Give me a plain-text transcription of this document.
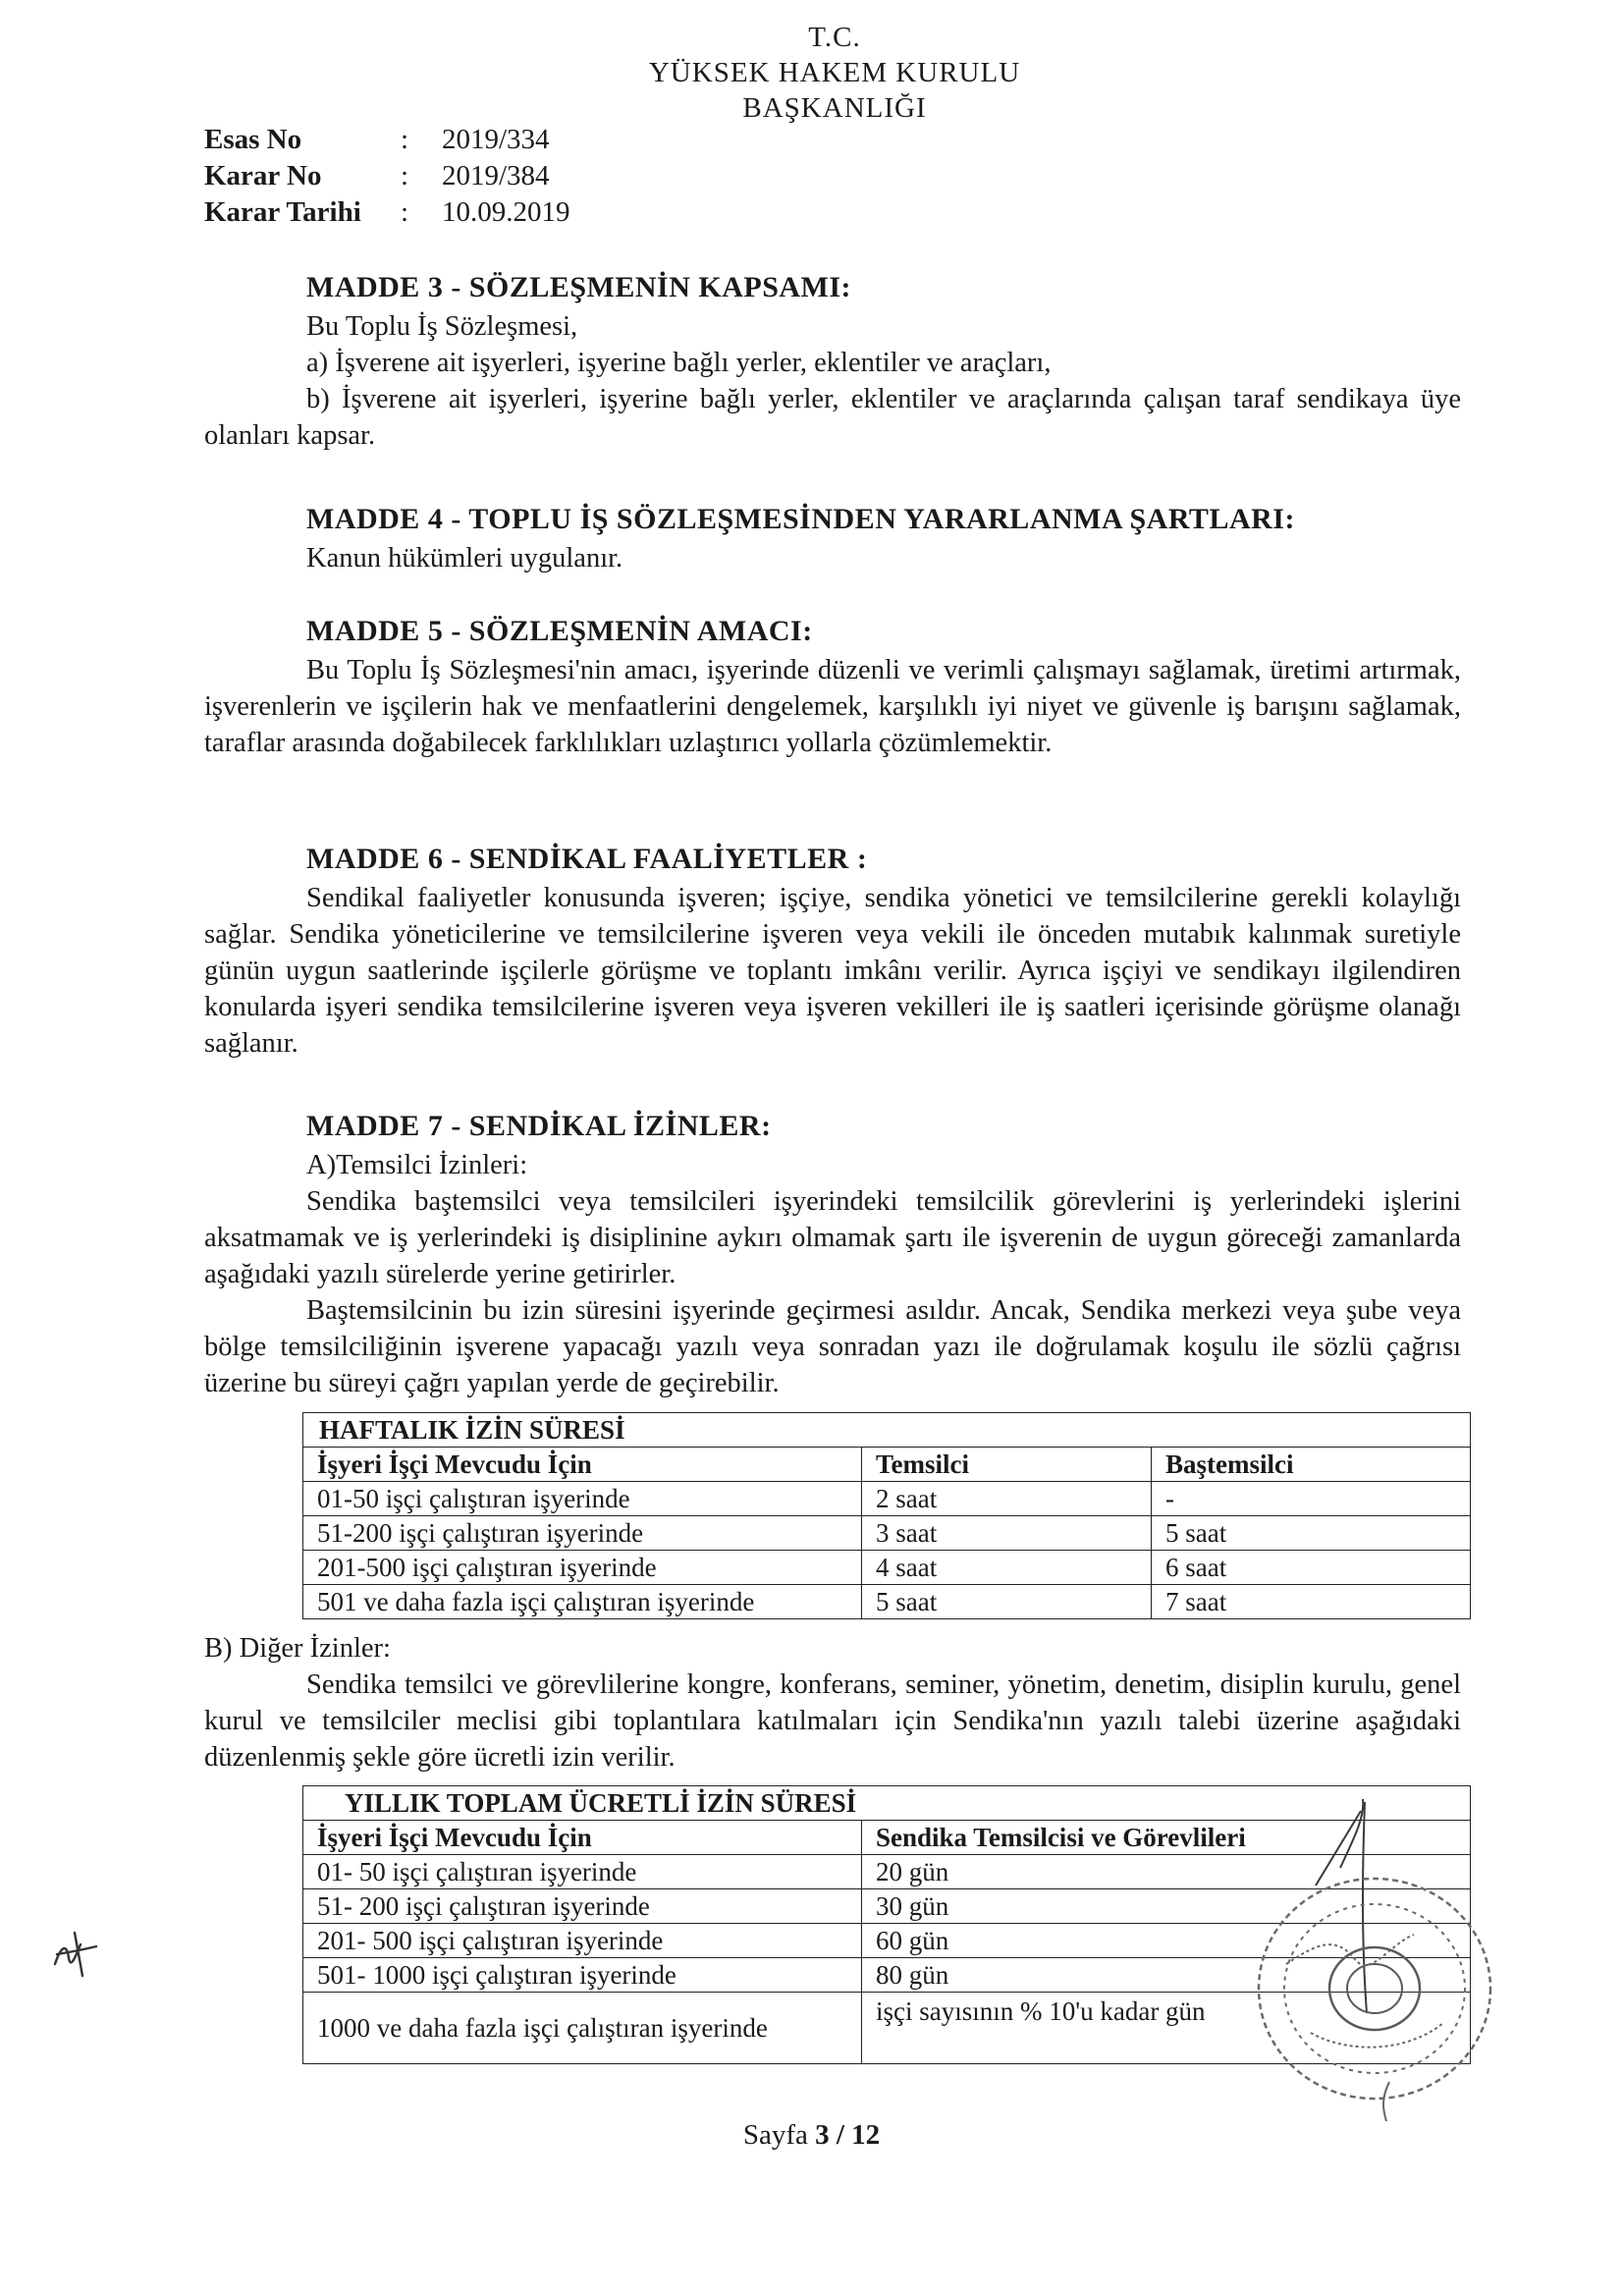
T.C.
YÜKSEK HAKEM KURULU
BAŞKANLIĞI
Esas No	: 2019/334
Karar No	: 2019/384
Karar Tarihi : 10.09.2019
MADDE 3 - SÖZLEŞMENİN KAPSAMI:
Bu Toplu İş Sözleşmesi,
a) İşverene ait işyerleri, işyerine bağlı yerler, eklentiler ve araçları,
b) İşverene ait işyerleri, işyerine bağlı yerler, eklentiler ve araçlarında çalışan taraf sendikaya üye olanları kapsar.
MADDE 4 - TOPLU İŞ SÖZLEŞMESİNDEN YARARLANMA ŞARTLARI:
Kanun hükümleri uygulanır.
MADDE 5 - SÖZLEŞMENİN AMACI:
Bu Toplu İş Sözleşmesi'nin amacı, işyerinde düzenli ve verimli çalışmayı sağlamak, üretimi artırmak, işverenlerin ve işçilerin hak ve menfaatlerini dengelemek, karşılıklı iyi niyet ve güvenle iş barışını sağlamak, taraflar arasında doğabilecek farklılıkları uzlaştırıcı yollarla çözümlemektir.
MADDE 6 - SENDİKAL FAALİYETLER :
Sendikal faaliyetler konusunda işveren; işçiye, sendika yönetici ve temsilcilerine gerekli kolaylığı sağlar. Sendika yöneticilerine ve temsilcilerine işveren veya vekili ile önceden mutabık kalınmak suretiyle günün uygun saatlerinde işçilerle görüşme ve toplantı imkânı verilir. Ayrıca işçiyi ve sendikayı ilgilendiren konularda işyeri sendika temsilcilerine işveren veya işveren vekilleri ile iş saatleri içerisinde görüşme olanağı sağlanır.
MADDE 7 - SENDİKAL İZİNLER:
A)Temsilci İzinleri:
Sendika baştemsilci veya temsilcileri işyerindeki temsilcilik görevlerini iş yerlerindeki işlerini aksatmamak ve iş yerlerindeki iş disiplinine aykırı olmamak şartı ile işverenin de uygun göreceği zamanlarda aşağıdaki yazılı sürelerde yerine getirirler.
Baştemsilcinin bu izin süresini işyerinde geçirmesi asıldır. Ancak, Sendika merkezi veya şube veya bölge temsilciliğinin işverene yapacağı yazılı veya sonradan yazı ile doğrulamak koşulu ile sözlü çağrısı üzerine bu süreyi çağrı yapılan yerde de geçirebilir.
HAFTALIK İZİN SÜRESİ		
İşyeri İşçi Mevcudu İçin	Temsilci	Baştemsilci
01-50 işçi çalıştıran işyerinde	2 saat	-
51-200 işçi çalıştıran işyerinde	3 saat	5 saat
201-500 işçi çalıştıran işyerinde	4 saat	6 saat
501 ve daha fazla işçi çalıştıran işyerinde	5 saat	7 saat
B) Diğer İzinler:
Sendika temsilci ve görevlilerine kongre, konferans, seminer, yönetim, denetim, disiplin kurulu, genel kurul ve temsilciler meclisi gibi toplantılara katılmaları için Sendika'nın yazılı talebi üzerine aşağıdaki düzenlenmiş şekle göre ücretli izin verilir.
YILLIK TOPLAM ÜCRETLİ İZİN SÜRESİ	
İşyeri İşçi Mevcudu İçin	Sendika Temsilcisi ve Görevlileri
01- 50 işçi çalıştıran işyerinde	20 gün
51- 200 işçi çalıştıran işyerinde	30 gün
201- 500 işçi çalıştıran işyerinde	60 gün
501- 1000 işçi çalıştıran işyerinde	80 gün
1000 ve daha fazla işçi çalıştıran işyerinde	işçi sayısının % 10'u kadar gün
Sayfa 3 / 12
